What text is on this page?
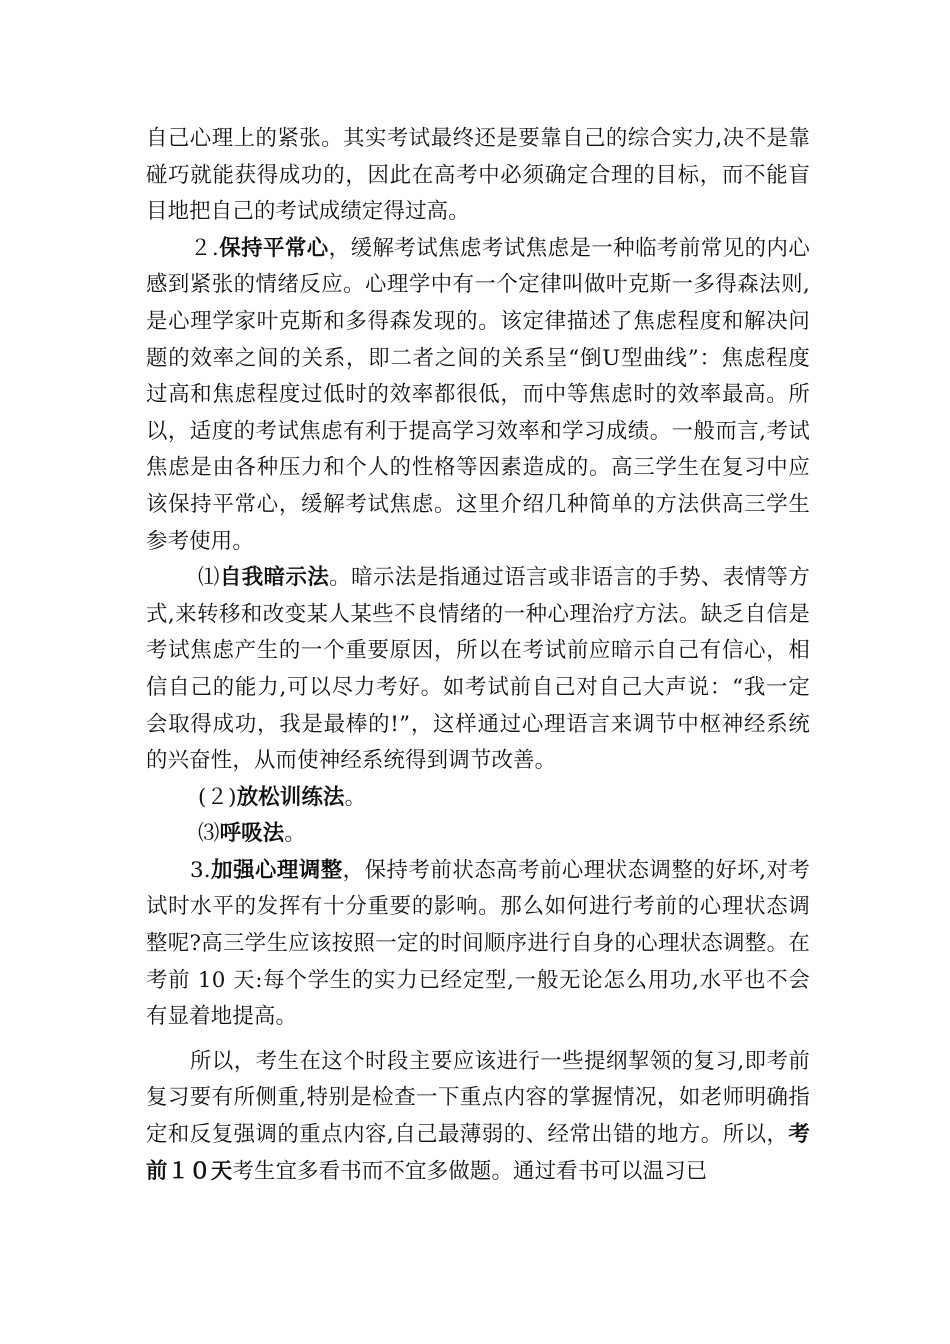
自己心理上的紧张。其实考试最终还是要靠自己的综合实力,决不是靠碰巧就能获得成功的，因此在高考中必须确定合理的目标，而不能盲目地把自己的考试成绩定得过高。

２.保持平常心，缓解考试焦虑考试焦虑是一种临考前常见的内心感到紧张的情绪反应。心理学中有一个定律叫做叶克斯一多得森法则,是心理学家叶克斯和多得森发现的。该定律描述了焦虑程度和解决问题的效率之间的关系，即二者之间的关系呈“倒U型曲线”：焦虑程度过高和焦虑程度过低时的效率都很低，而中等焦虑时的效率最高。所以，适度的考试焦虑有利于提高学习效率和学习成绩。一般而言,考试焦虑是由各种压力和个人的性格等因素造成的。高三学生在复习中应该保持平常心，缓解考试焦虑。这里介绍几种简单的方法供高三学生参考使用。

⑴自我暗示法。暗示法是指通过语言或非语言的手势、表情等方式,来转移和改变某人某些不良情绪的一种心理治疗方法。缺乏自信是考试焦虑产生的一个重要原因，所以在考试前应暗示自己有信心，相信自己的能力,可以尽力考好。如考试前自己对自己大声说：“我一定会取得成功，我是最棒的!”，这样通过心理语言来调节中枢神经系统的兴奋性，从而使神经系统得到调节改善。

(２)放松训练法。

⑶呼吸法。

3.加强心理调整，保持考前状态高考前心理状态调整的好坏,对考试时水平的发挥有十分重要的影响。那么如何进行考前的心理状态调整呢?高三学生应该按照一定的时间顺序进行自身的心理状态调整。在考前 10 天:每个学生的实力已经定型,一般无论怎么用功,水平也不会有显着地提高。

所以，考生在这个时段主要应该进行一些提纲挈领的复习,即考前复习要有所侧重,特别是检查一下重点内容的掌握情况，如老师明确指定和反复强调的重点内容,自己最薄弱的、经常出错的地方。所以，考前１０天考生宜多看书而不宜多做题。通过看书可以温习已
